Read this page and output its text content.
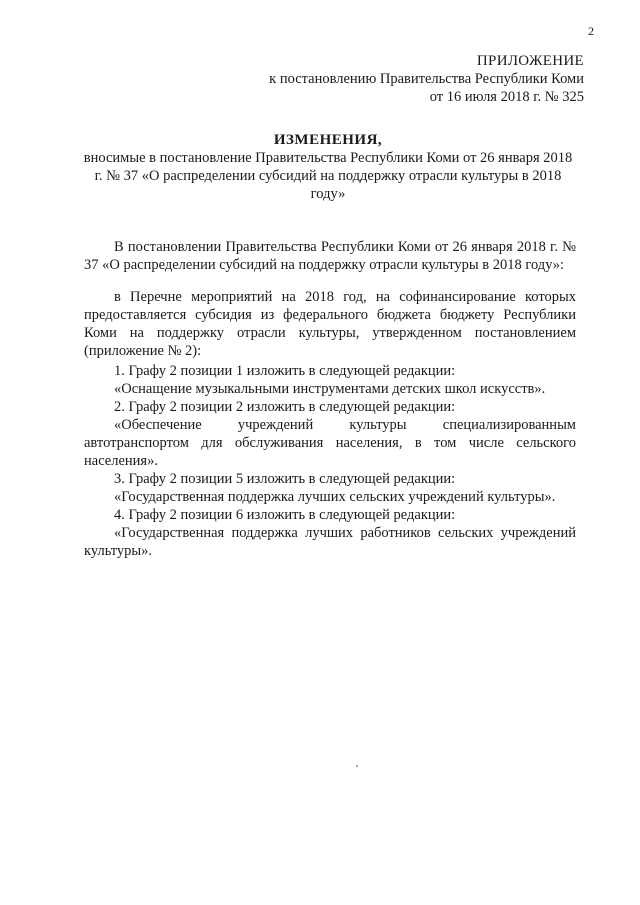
2
ПРИЛОЖЕНИЕ
к постановлению Правительства Республики Коми
от 16 июля 2018 г. № 325
ИЗМЕНЕНИЯ,
вносимые в постановление Правительства Республики Коми от 26 января 2018 г. № 37 «О распределении субсидий на поддержку отрасли культуры в 2018 году»

В постановлении Правительства Республики Коми от 26 января 2018 г. № 37 «О распределении субсидий на поддержку отрасли культуры в 2018 году»:

в Перечне мероприятий на 2018 год, на софинансирование которых предоставляется субсидия из федерального бюджета бюджету Республики Коми на поддержку отрасли культуры, утвержденном постановлением (приложение № 2):

1. Графу 2 позиции 1 изложить в следующей редакции:

«Оснащение музыкальными инструментами детских школ искусств».

2. Графу 2 позиции 2 изложить в следующей редакции:

«Обеспечение учреждений культуры специализированным автотранспортом для обслуживания населения, в том числе сельского населения».

3. Графу 2 позиции 5 изложить в следующей редакции:

«Государственная поддержка лучших сельских учреждений культуры».

4. Графу 2 позиции 6 изложить в следующей редакции:

«Государственная поддержка лучших работников сельских учреждений культуры».
